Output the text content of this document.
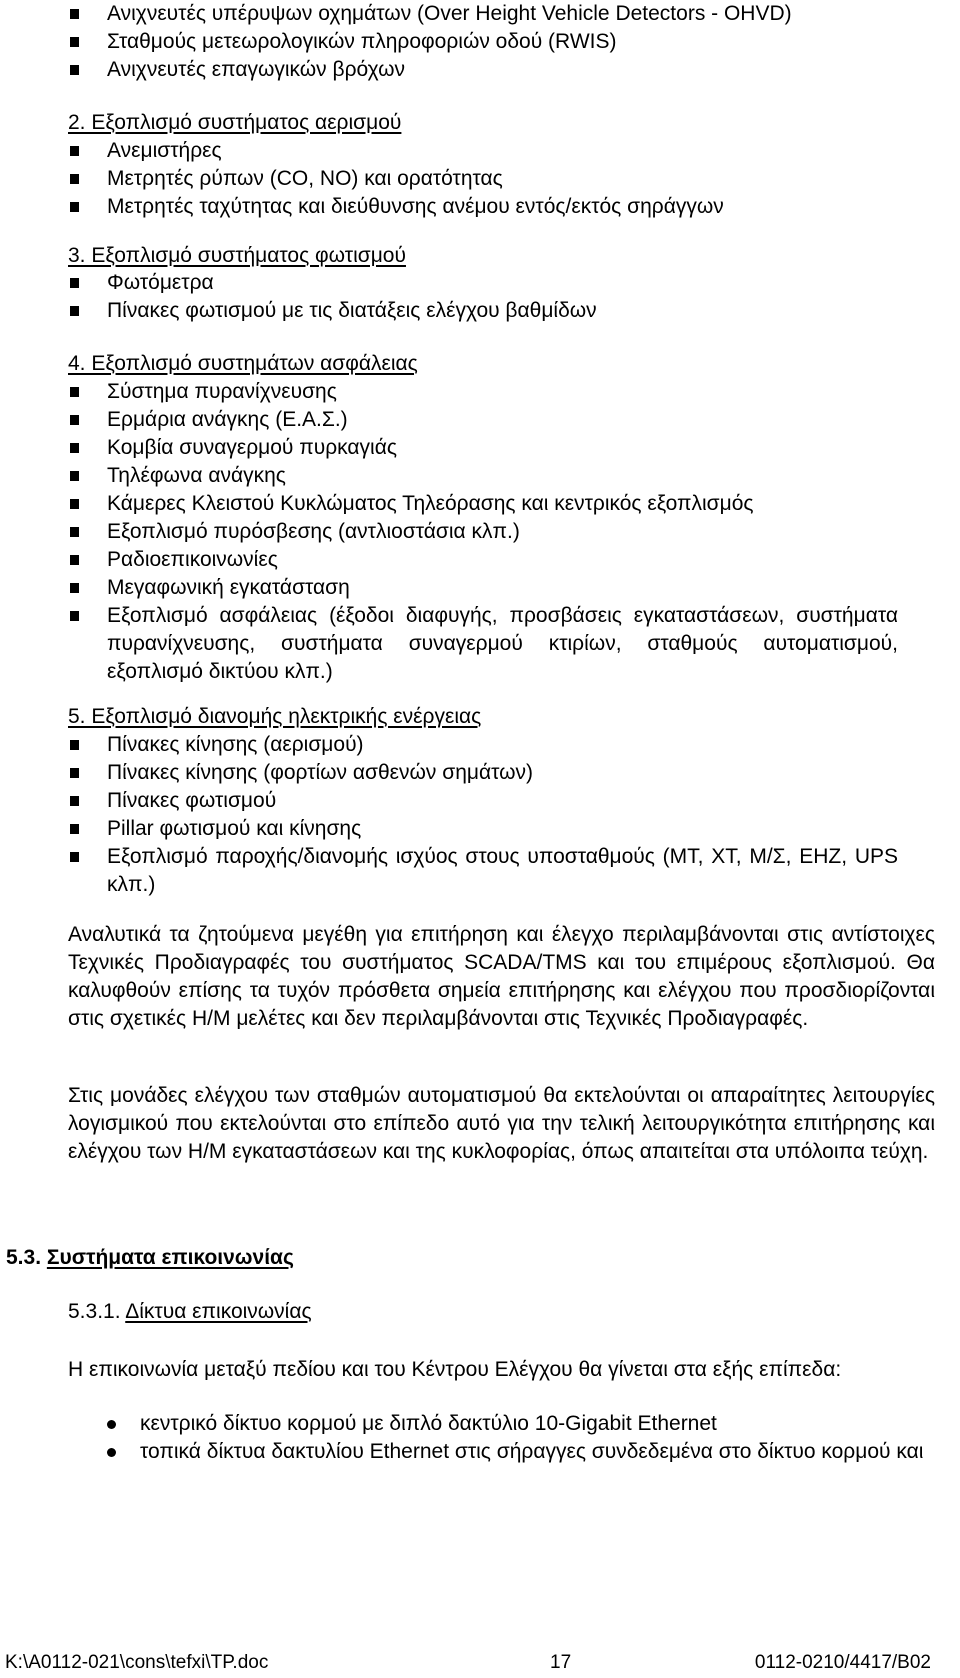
Ανιχνευτές υπέρυψων οχημάτων (Over Height Vehicle Detectors - OHVD)
Σταθμούς μετεωρολογικών πληροφοριών οδού (RWIS)
Ανιχνευτές επαγωγικών βρόχων
2. Εξοπλισμό συστήματος αερισμού
Ανεμιστήρες
Μετρητές ρύπων (CO, NO) και ορατότητας
Μετρητές ταχύτητας και διεύθυνσης ανέμου εντός/εκτός σηράγγων
3. Εξοπλισμό συστήματος φωτισμού
Φωτόμετρα
Πίνακες φωτισμού με τις διατάξεις ελέγχου βαθμίδων
4. Εξοπλισμό συστημάτων ασφάλειας
Σύστημα πυρανίχνευσης
Ερμάρια ανάγκης (Ε.Α.Σ.)
Κομβία συναγερμού πυρκαγιάς
Τηλέφωνα ανάγκης
Κάμερες Κλειστού Κυκλώματος Τηλεόρασης και κεντρικός εξοπλισμός
Εξοπλισμό πυρόσβεσης (αντλιοστάσια κλπ.)
Ραδιοεπικοινωνίες
Μεγαφωνική εγκατάσταση
Εξοπλισμό ασφάλειας (έξοδοι διαφυγής, προσβάσεις εγκαταστάσεων, συστήματα πυρανίχνευσης, συστήματα συναγερμού κτιρίων, σταθμούς αυτοματισμού, εξοπλισμό δικτύου κλπ.)
5. Εξοπλισμό διανομής ηλεκτρικής ενέργειας
Πίνακες κίνησης (αερισμού)
Πίνακες κίνησης (φορτίων ασθενών σημάτων)
Πίνακες φωτισμού
Pillar φωτισμού και κίνησης
Εξοπλισμό παροχής/διανομής ισχύος στους υποσταθμούς (ΜΤ, ΧΤ, Μ/Σ, ΕΗΖ, UPS κλπ.)
Αναλυτικά τα ζητούμενα μεγέθη για επιτήρηση και έλεγχο περιλαμβάνονται στις αντίστοιχες Τεχνικές Προδιαγραφές του συστήματος SCADA/TMS και του επιμέρους εξοπλισμού. Θα καλυφθούν επίσης τα τυχόν πρόσθετα σημεία επιτήρησης και ελέγχου που προσδιορίζονται στις σχετικές Η/Μ μελέτες και δεν περιλαμβάνονται στις Τεχνικές Προδιαγραφές.
Στις μονάδες ελέγχου των σταθμών αυτοματισμού θα εκτελούνται οι απαραίτητες λειτουργίες λογισμικού που εκτελούνται στο επίπεδο αυτό για την τελική λειτουργικότητα επιτήρησης και ελέγχου των Η/Μ εγκαταστάσεων και της κυκλοφορίας, όπως απαιτείται στα υπόλοιπα τεύχη.
5.3. Συστήματα επικοινωνίας
5.3.1. Δίκτυα επικοινωνίας
Η επικοινωνία μεταξύ πεδίου και του Κέντρου Ελέγχου θα γίνεται στα εξής επίπεδα:
κεντρικό δίκτυο κορμού με διπλό δακτύλιο 10-Gigabit Ethernet
τοπικά δίκτυα δακτυλίου Ethernet στις σήραγγες συνδεδεμένα στο δίκτυο κορμού και
K:\A0112-021\cons\tefxi\TP.doc	17	0112-0210/4417/B02
